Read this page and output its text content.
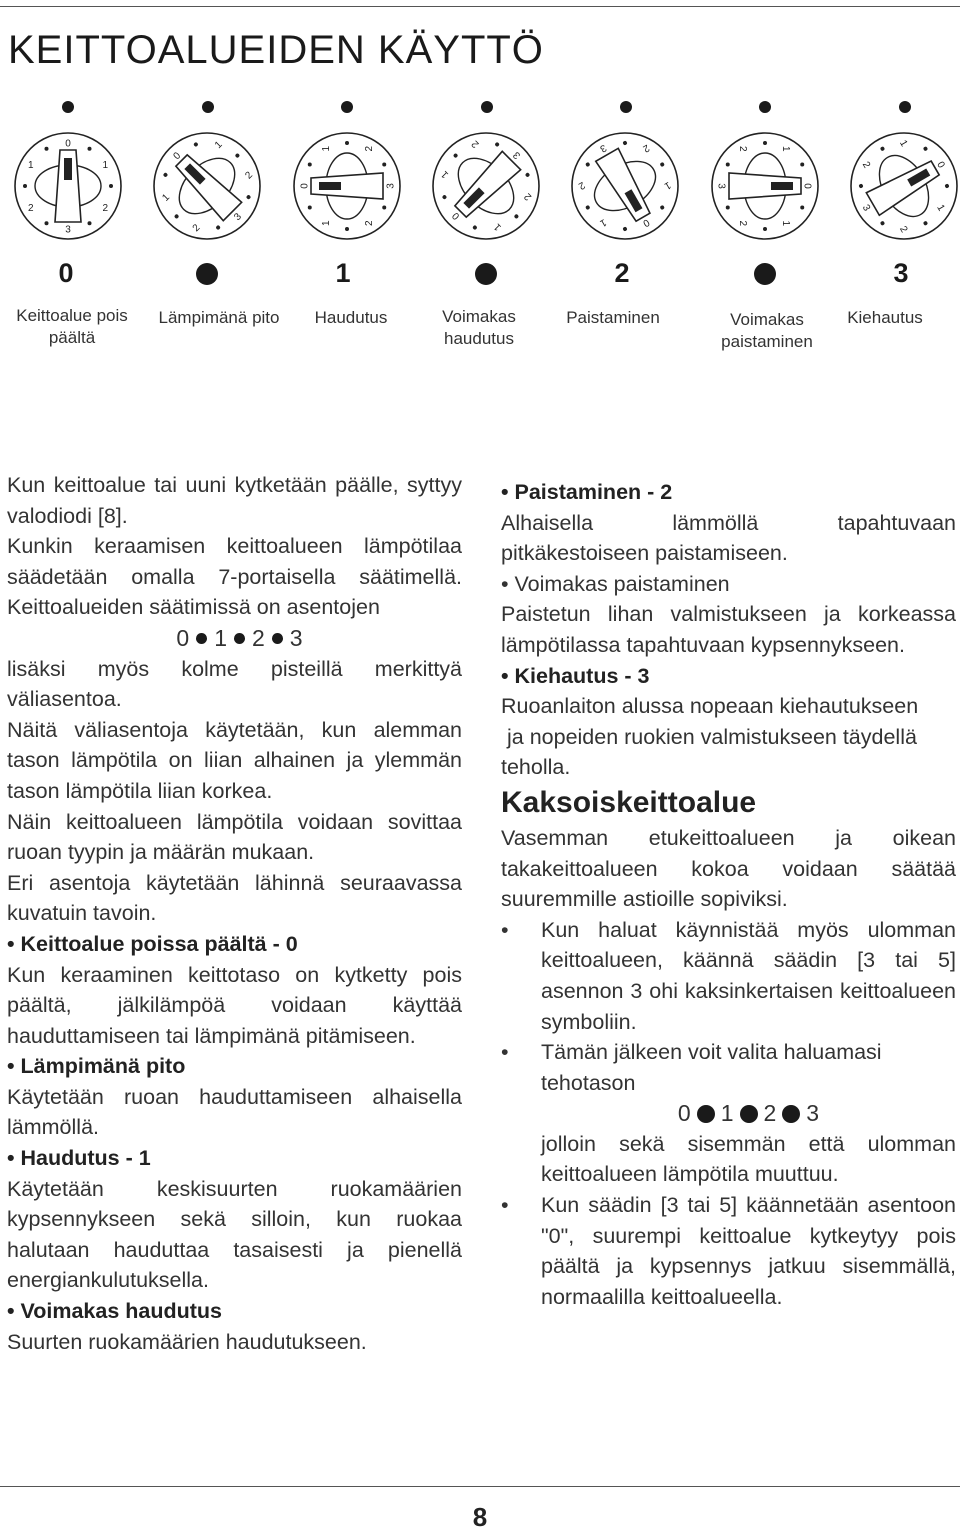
KEITTOALUEIDEN KÄYTTÖ
0
1
2
3
2
1
0
1
2
3
2
1
0
1	2
3
2
1
0
1
2
3
2
1	0
1
2
3	2
1	0
1
2
3
2	1
0
1
2
3
2
1
0	1	2	3
Keittoalue pois päältä
Lämpimänä pito	Haudutus	Voimakas haudutus
Paistaminen	Voimakas paistaminen
Kiehautus

Kun keittoalue tai uuni kytketään päälle, syttyy valodiodi [8].

Kunkin keraamisen keittoalueen lämpötilaa säädetään omalla 7-portaisella säätimellä.

Keittoalueiden säätimissä on asentojen

0 1 2 3

lisäksi myös kolme pisteillä merkittyä väliasentoa.

Näitä väliasentoja käytetään, kun alemman tason lämpötila on liian alhainen ja ylemmän tason lämpötila liian korkea.

Näin keittoalueen lämpötila voidaan sovittaa ruoan tyypin ja määrän mukaan.

Eri asentoja käytetään lähinnä seuraavassa kuvatuin tavoin.

• Keittoalue poissa päältä - 0

Kun keraaminen keittotaso on kytketty pois päältä, jälkilämpöä voidaan käyttää hauduttamiseen tai lämpimänä pitämiseen.

• Lämpimänä pito

Käytetään ruoan hauduttamiseen alhaisella lämmöllä.

• Haudutus - 1

Käytetään keskisuurten ruokamäärien kypsennykseen sekä silloin, kun ruokaa halutaan hauduttaa tasaisesti ja pienellä energiankulutuksella.

• Voimakas haudutus

Suurten ruokamäärien haudutukseen.

• Paistaminen - 2

Alhaisella lämmöllä tapahtuvaan pitkäkestoiseen paistamiseen.

• Voimakas paistaminen

Paistetun lihan valmistukseen ja korkeassa lämpötilassa tapahtuvaan kypsennykseen.

• Kiehautus - 3

Ruoanlaiton alussa nopeaan kiehautukseen

ja nopeiden ruokien valmistukseen täydellä teholla.

Kaksoiskeittoalue

Vasemman etukeittoalueen ja oikean takakeittoalueen kokoa voidaan säätää suuremmille astioille sopiviksi.

• Kun haluat käynnistää myös ulomman keittoalueen, käännä säädin [3 tai 5] asennon 3 ohi kaksinkertaisen keittoalueen symboliin.

• Tämän jälkeen voit valita haluamasi tehotason

0 1 2 3

jolloin sekä sisemmän että ulomman keittoalueen lämpötila muuttuu.

• Kun säädin [3 tai 5] käännetään asentoon "0", suurempi keittoalue kytkeytyy pois päältä ja kypsennys jatkuu sisemmällä, normaalilla keittoalueella.

8
